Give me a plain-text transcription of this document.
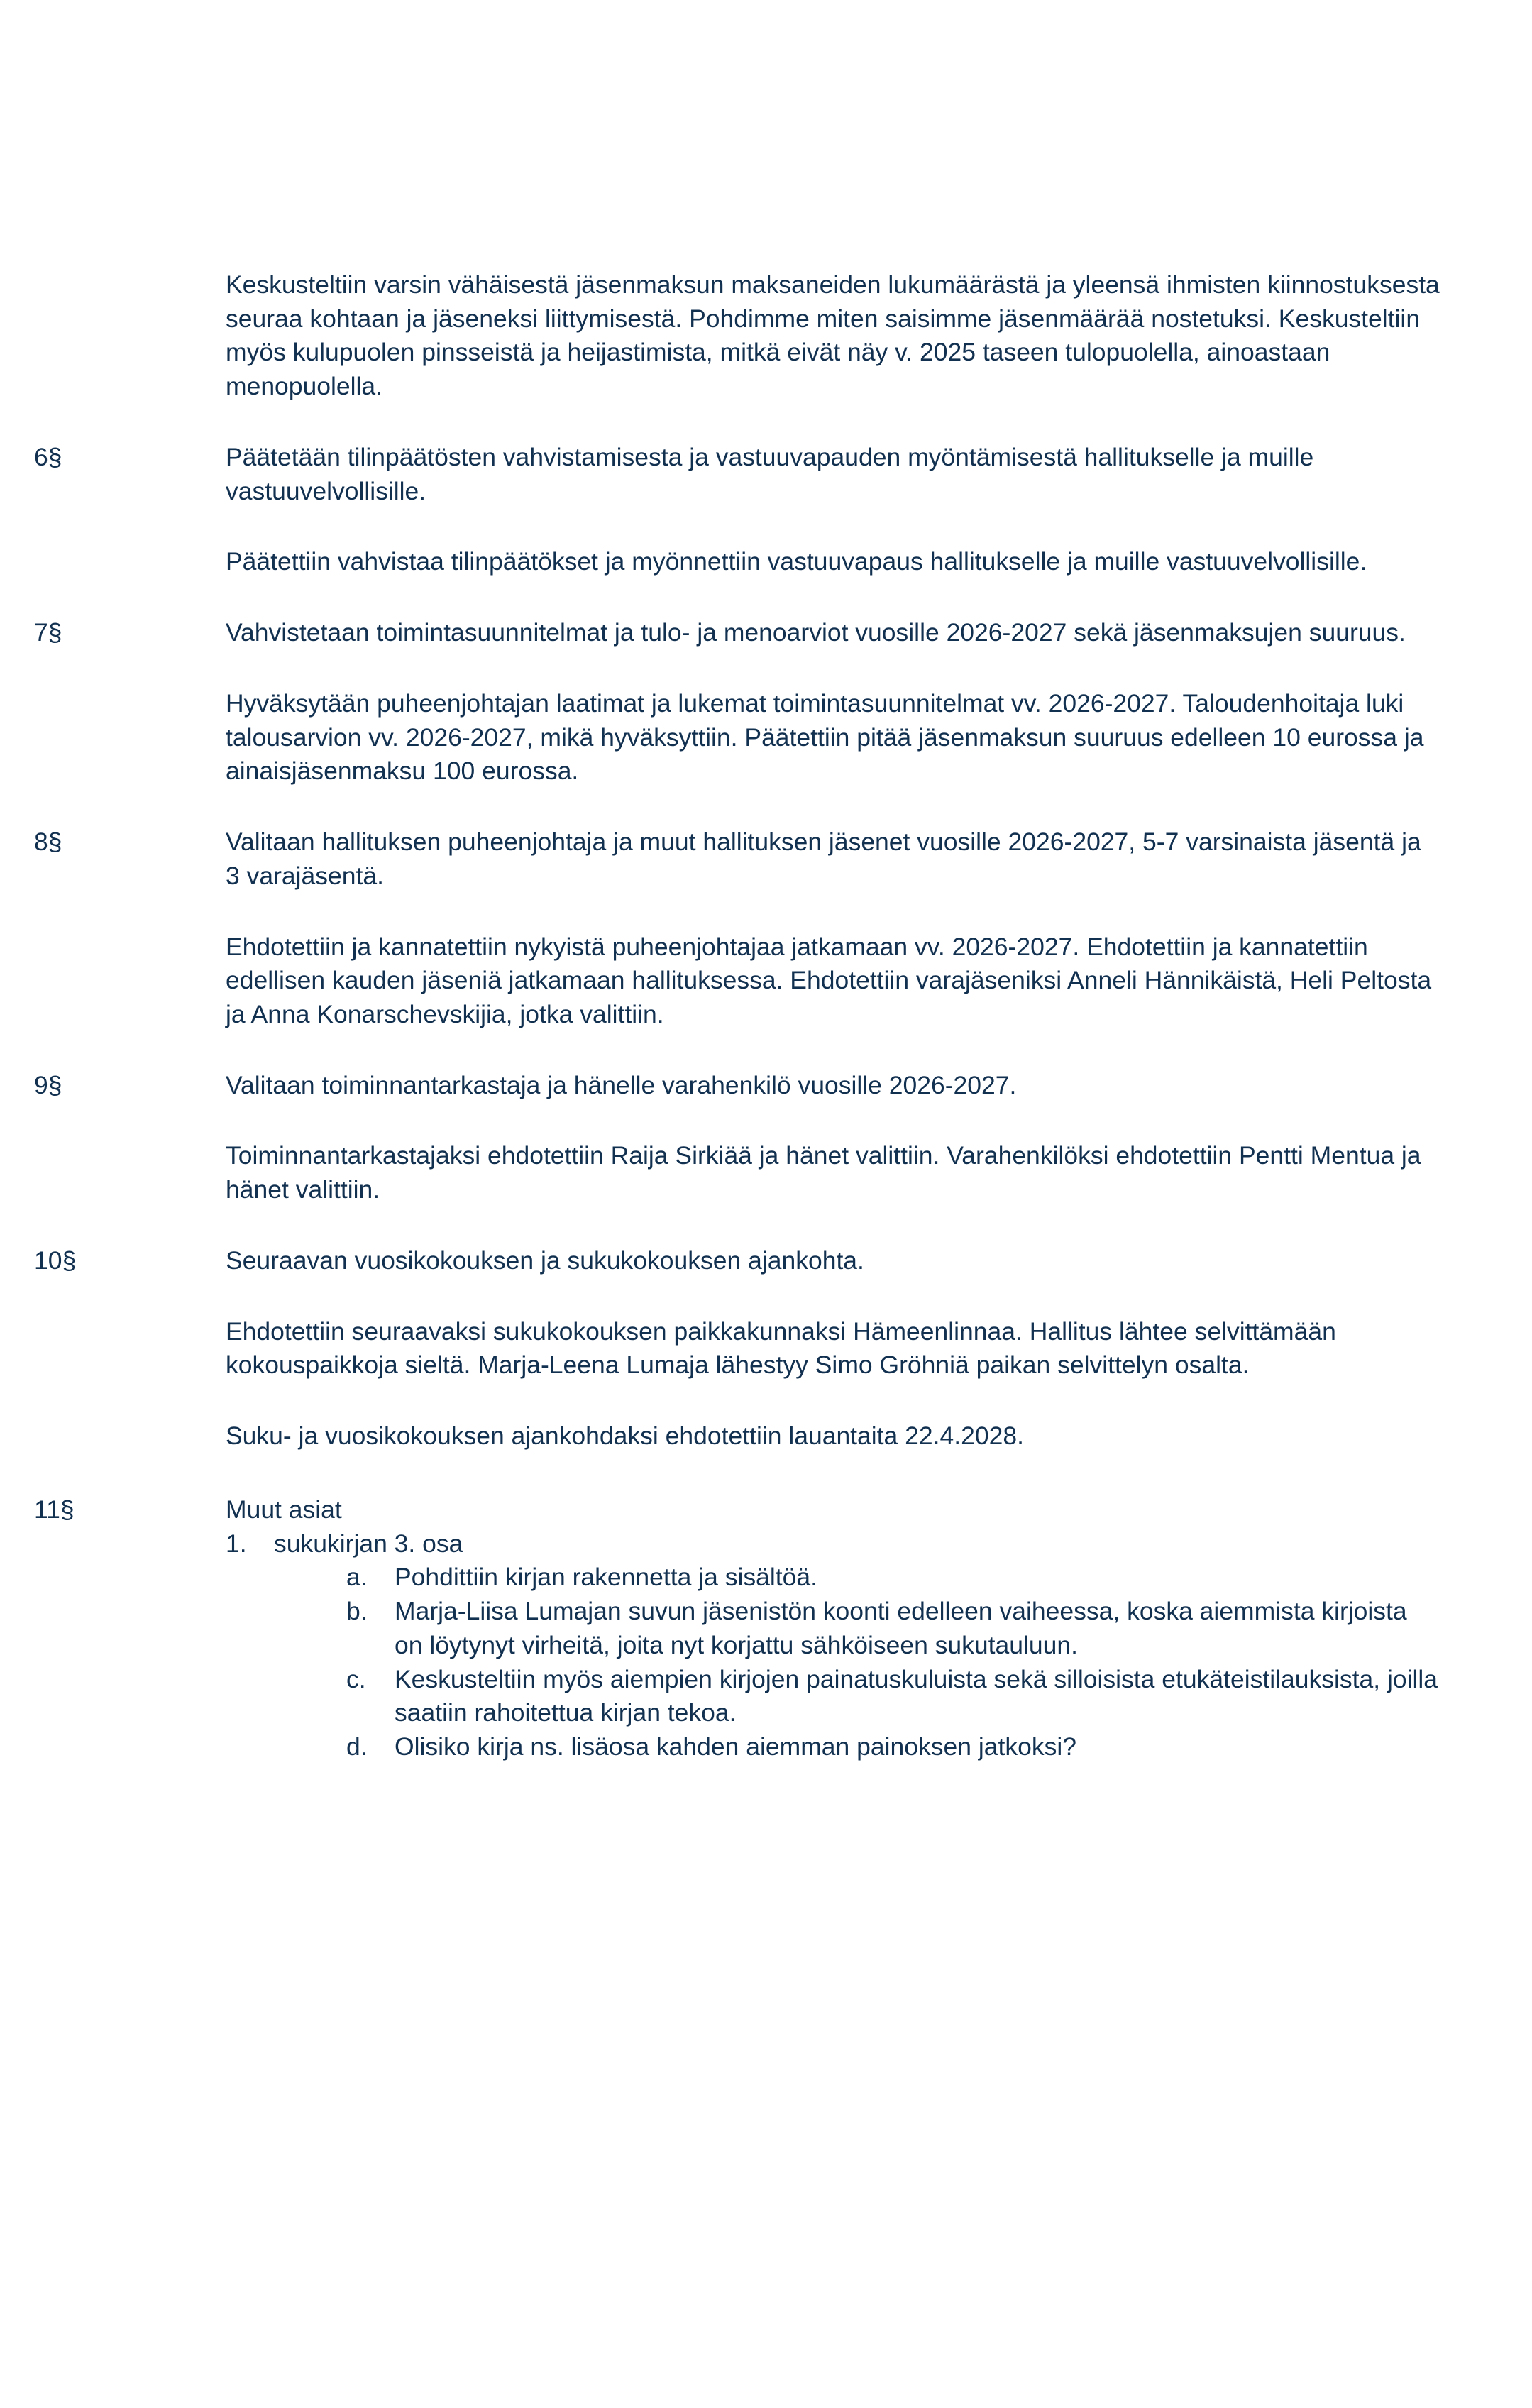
Keskusteltiin varsin vähäisestä jäsenmaksun maksaneiden lukumäärästä ja yleensä ihmisten kiinnostuksesta seuraa kohtaan ja jäseneksi liittymisestä. Pohdimme miten saisimme jäsenmäärää nostetuksi. Keskusteltiin myös kulupuolen pinsseistä ja heijastimista, mitkä eivät näy v. 2025 taseen tulopuolella, ainoastaan menopuolella.

6§	Päätetään tilinpäätösten vahvistamisesta ja vastuuvapauden myöntämisestä hallitukselle ja muille vastuuvelvollisille.

Päätettiin vahvistaa tilinpäätökset ja myönnettiin vastuuvapaus hallitukselle ja muille vastuuvelvollisille.

7§	Vahvistetaan toimintasuunnitelmat ja tulo- ja menoarviot vuosille 2026-2027 sekä jäsenmaksujen suuruus.

Hyväksytään puheenjohtajan laatimat ja lukemat toimintasuunnitelmat vv. 2026-2027. Taloudenhoitaja luki talousarvion vv. 2026-2027, mikä hyväksyttiin. Päätettiin pitää jäsenmaksun suuruus edelleen 10 eurossa ja ainaisjäsenmaksu 100 eurossa.

8§	Valitaan hallituksen puheenjohtaja ja muut hallituksen jäsenet vuosille 2026-2027, 5-7 varsinaista jäsentä ja 3 varajäsentä.

Ehdotettiin ja kannatettiin nykyistä puheenjohtajaa jatkamaan vv. 2026-2027. Ehdotettiin ja kannatettiin edellisen kauden jäseniä jatkamaan hallituksessa. Ehdotettiin varajäseniksi Anneli Hännikäistä, Heli Peltosta ja Anna Konarschevskijia, jotka valittiin.

9§	Valitaan toiminnantarkastaja ja hänelle varahenkilö vuosille 2026-2027.

Toiminnantarkastajaksi ehdotettiin Raija Sirkiää ja hänet valittiin. Varahenkilöksi ehdotettiin Pentti Mentua ja hänet valittiin.

10§	Seuraavan vuosikokouksen ja sukukokouksen ajankohta.

Ehdotettiin seuraavaksi sukukokouksen paikkakunnaksi Hämeenlinnaa. Hallitus lähtee selvittämään kokouspaikkoja sieltä. Marja-Leena Lumaja lähestyy Simo Gröhniä paikan selvittelyn osalta.

Suku- ja vuosikokouksen ajankohdaksi ehdotettiin lauantaita 22.4.2028.

11§	Muut asiat

1.	sukukirjan 3. osa
a.	Pohdittiin kirjan rakennetta ja sisältöä.
b.	Marja-Liisa Lumajan suvun jäsenistön koonti edelleen vaiheessa, koska aiemmista kirjoista on löytynyt virheitä, joita nyt korjattu sähköiseen sukutauluun.
c.	Keskusteltiin myös aiempien kirjojen painatuskuluista sekä silloisista etukäteistilauksista, joilla saatiin rahoitettua kirjan tekoa.
d.	Olisiko kirja ns. lisäosa kahden aiemman painoksen jatkoksi?
